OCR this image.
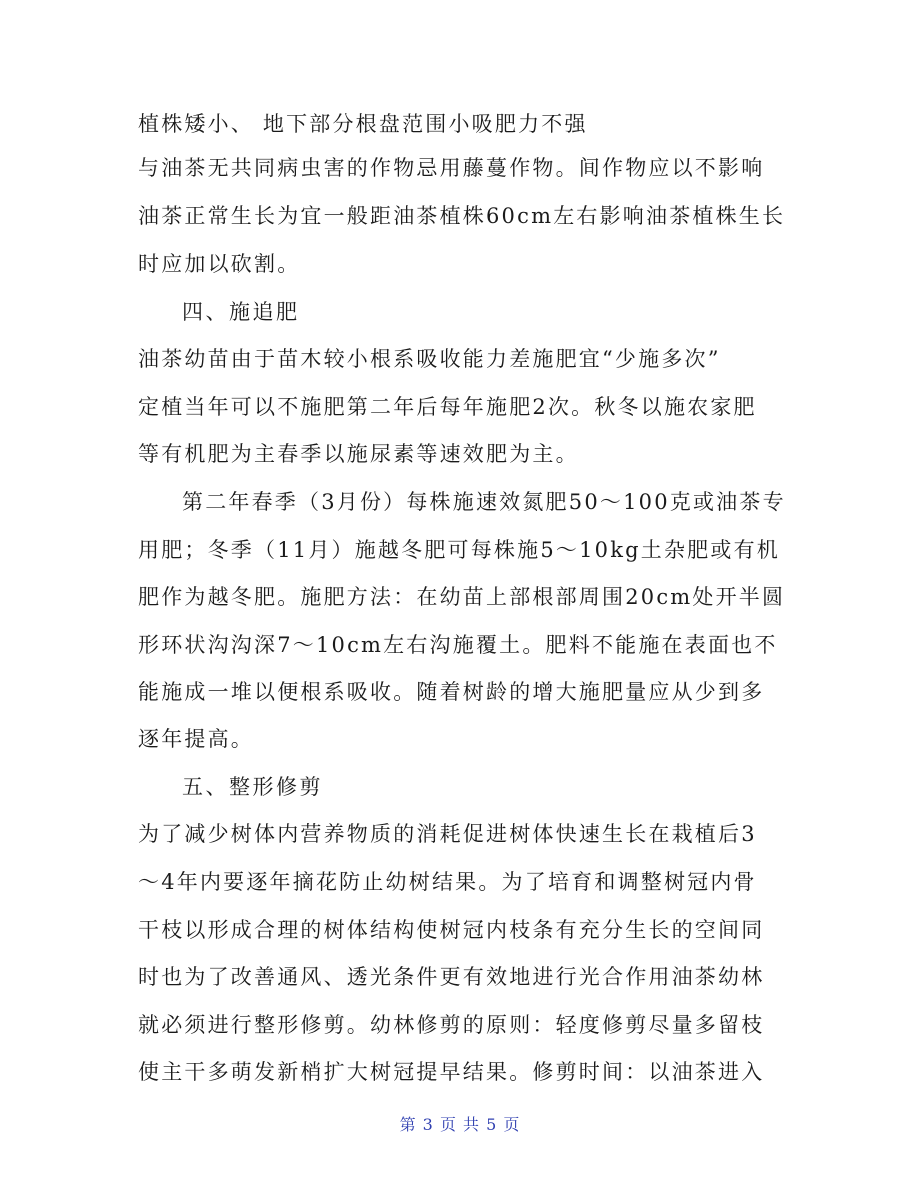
植株矮小、 地下部分根盘范围小吸肥力不强
与油茶无共同病虫害的作物忌用藤蔓作物。间作物应以不影响
油茶正常生长为宜一般距油茶植株60cm左右影响油茶植株生长
时应加以砍割。
四、施追肥
油茶幼苗由于苗木较小根系吸收能力差施肥宜“少施多次”
定植当年可以不施肥第二年后每年施肥2次。秋冬以施农家肥
等有机肥为主春季以施尿素等速效肥为主。
第二年春季（3月份）每株施速效氮肥50～100克或油茶专
用肥；冬季（11月）施越冬肥可每株施5～10kg土杂肥或有机
肥作为越冬肥。施肥方法：在幼苗上部根部周围20cm处开半圆
形环状沟沟深7～10cm左右沟施覆土。肥料不能施在表面也不
能施成一堆以便根系吸收。随着树龄的增大施肥量应从少到多
逐年提高。
五、整形修剪
为了减少树体内营养物质的消耗促进树体快速生长在栽植后3
～4年内要逐年摘花防止幼树结果。为了培育和调整树冠内骨
干枝以形成合理的树体结构使树冠内枝条有充分生长的空间同
时也为了改善通风、透光条件更有效地进行光合作用油茶幼林
就必须进行整形修剪。幼林修剪的原则：轻度修剪尽量多留枝
使主干多萌发新梢扩大树冠提早结果。修剪时间：以油茶进入
第 3 页 共 5 页
